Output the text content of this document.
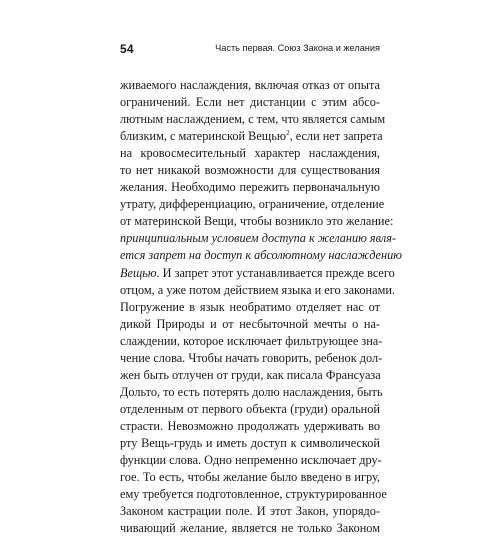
54	Часть первая. Союз Закона и желания
живаемого наслаждения, включая отказ от опыта
ограничений. Если нет дистанции с этим абсо-
лютным наслаждением, с тем, что является самым
близким, с материнской Вещью$^2$, если нет запрета
на кровосмесительный характер наслаждения,
то нет никакой возможности для существования
желания. Необходимо пережить первоначальную
утрату, дифференциацию, ограничение, отделение
от материнской Вещи, чтобы возникло это желание:
принципиальным условием доступа к желанию явля-
ется запрет на доступ к абсолютному наслаждению
Вещью. И запрет этот устанавливается прежде всего
отцом, а уже потом действием языка и его законами.
Погружение в язык необратимо отделяет нас от
дикой Природы и от несбыточной мечты о на-
слаждении, которое исключает фильтрующее зна-
чение слова. Чтобы начать говорить, ребенок дол-
жен быть отлучен от груди, как писала Франсуаза
Дольто, то есть потерять долю наслаждения, быть
отделенным от первого объекта (груди) оральной
страсти. Невозможно продолжать удерживать во
рту Вещь-грудь и иметь доступ к символической
функции слова. Одно непременно исключает дру-
гое. То есть, чтобы желание было введено в игру,
ему требуется подготовленное, структурированное
Законом кастрации поле. И этот Закон, упорядо-
чивающий желание, является не только Законом
